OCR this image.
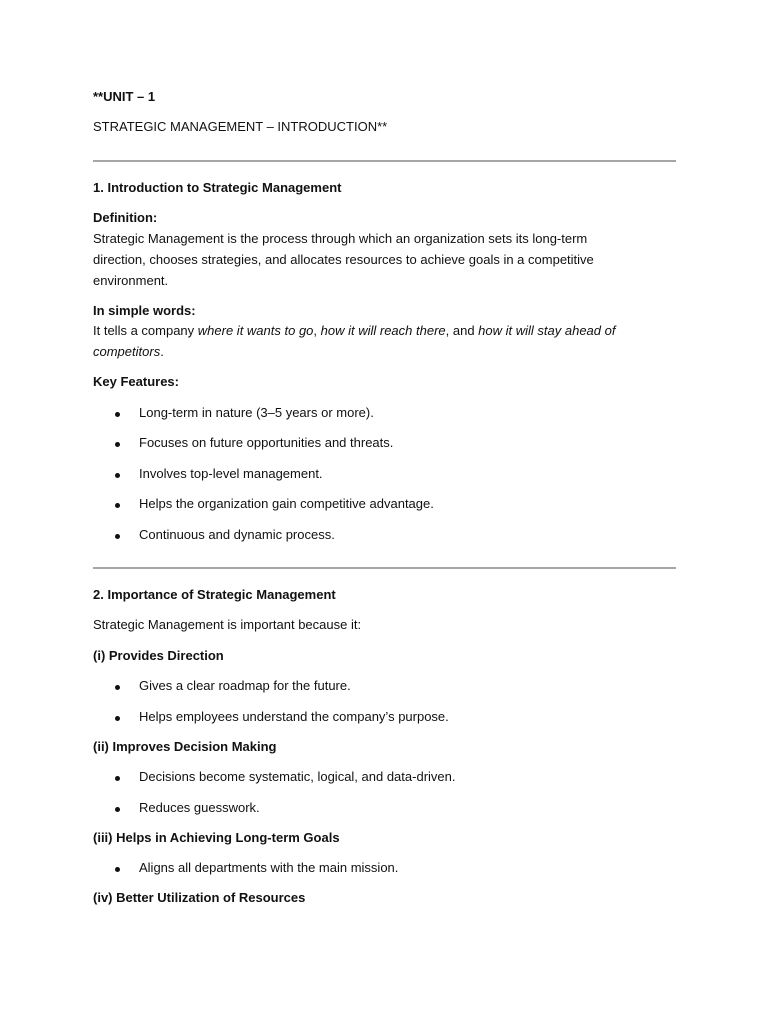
**UNIT – 1
STRATEGIC MANAGEMENT – INTRODUCTION**
1. Introduction to Strategic Management
Definition:
Strategic Management is the process through which an organization sets its long-term
direction, chooses strategies, and allocates resources to achieve goals in a competitive
environment.
In simple words:
It tells a company where it wants to go, how it will reach there, and how it will stay ahead of
competitors.
Key Features:
Long-term in nature (3–5 years or more).
Focuses on future opportunities and threats.
Involves top-level management.
Helps the organization gain competitive advantage.
Continuous and dynamic process.
2. Importance of Strategic Management
Strategic Management is important because it:
(i) Provides Direction
Gives a clear roadmap for the future.
Helps employees understand the company’s purpose.
(ii) Improves Decision Making
Decisions become systematic, logical, and data-driven.
Reduces guesswork.
(iii) Helps in Achieving Long-term Goals
Aligns all departments with the main mission.
(iv) Better Utilization of Resources
